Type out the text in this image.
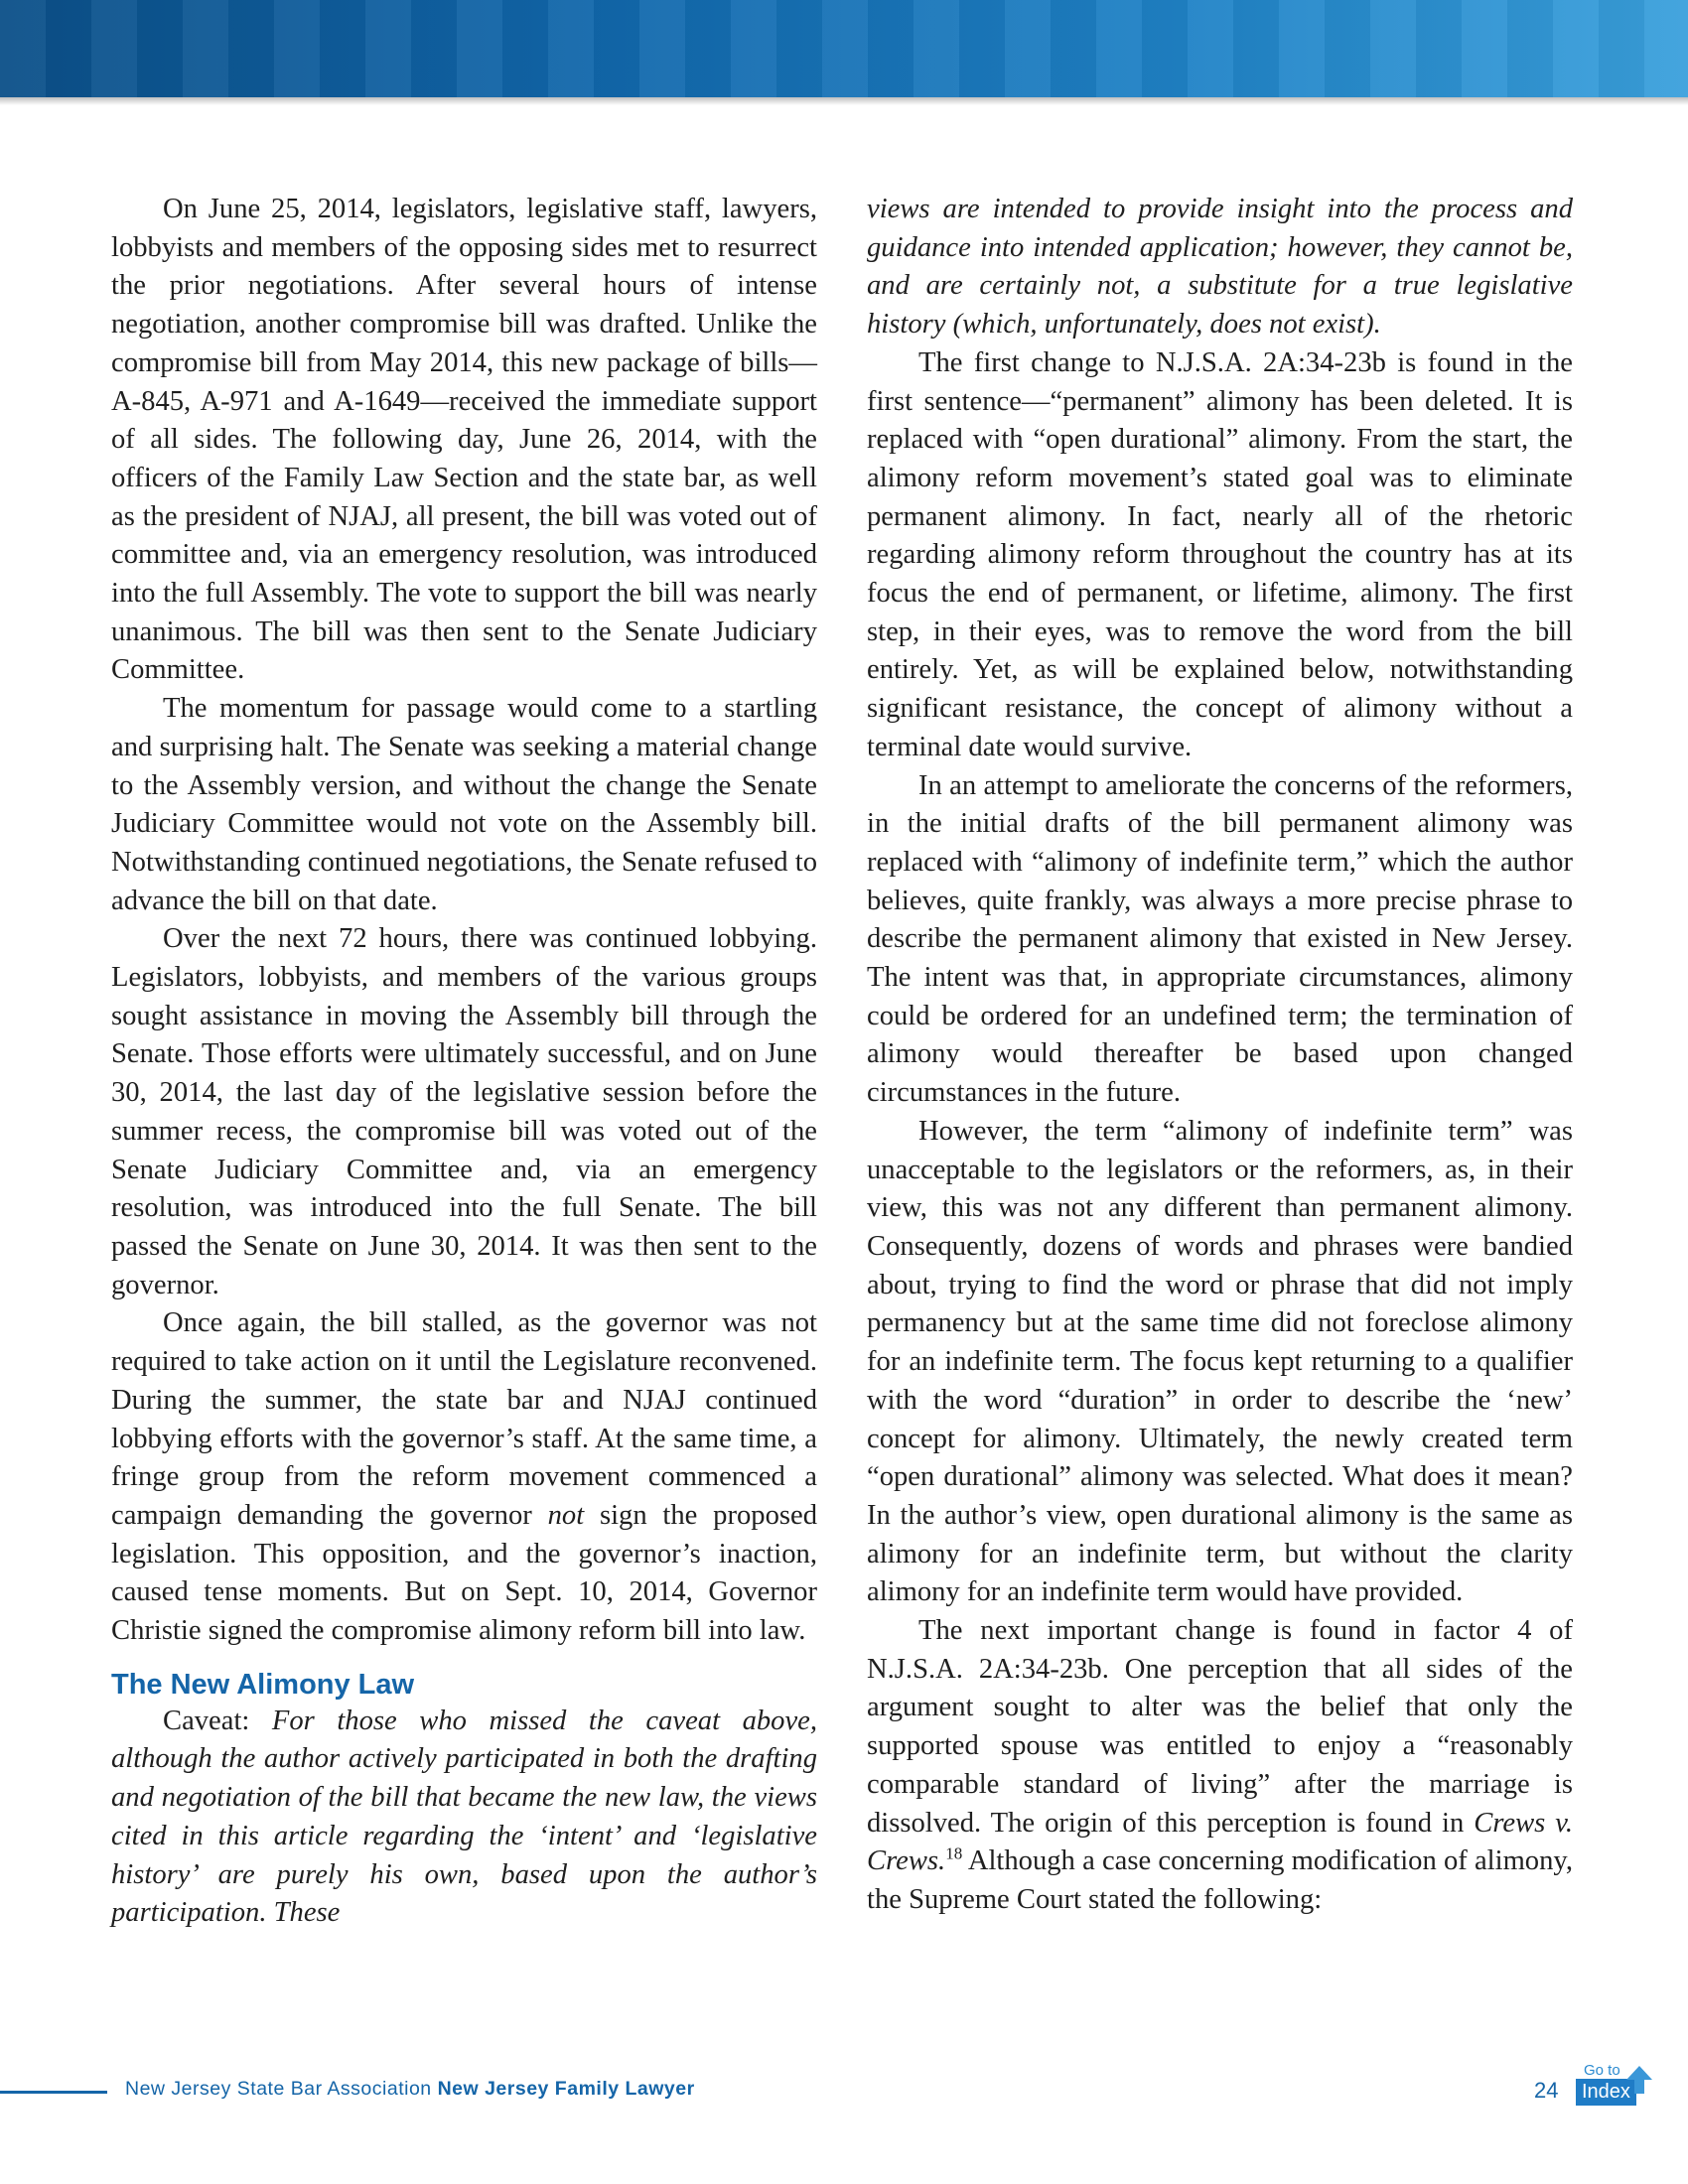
On June 25, 2014, legislators, legislative staff, lawyers, lobbyists and members of the opposing sides met to resurrect the prior negotiations. After several hours of intense negotiation, another compromise bill was drafted. Unlike the compromise bill from May 2014, this new package of bills—A-845, A-971 and A-1649—received the immediate support of all sides. The following day, June 26, 2014, with the officers of the Family Law Section and the state bar, as well as the president of NJAJ, all present, the bill was voted out of committee and, via an emergency resolution, was introduced into the full Assembly. The vote to support the bill was nearly unanimous. The bill was then sent to the Senate Judiciary Committee.

The momentum for passage would come to a startling and surprising halt. The Senate was seeking a material change to the Assembly version, and without the change the Senate Judiciary Committee would not vote on the Assembly bill. Notwithstanding continued negotiations, the Senate refused to advance the bill on that date.

Over the next 72 hours, there was continued lobbying. Legislators, lobbyists, and members of the various groups sought assistance in moving the Assembly bill through the Senate. Those efforts were ultimately successful, and on June 30, 2014, the last day of the legislative session before the summer recess, the compromise bill was voted out of the Senate Judiciary Committee and, via an emergency resolution, was introduced into the full Senate. The bill passed the Senate on June 30, 2014. It was then sent to the governor.

Once again, the bill stalled, as the governor was not required to take action on it until the Legislature reconvened. During the summer, the state bar and NJAJ continued lobbying efforts with the governor’s staff. At the same time, a fringe group from the reform movement commenced a campaign demanding the governor not sign the proposed legislation. This opposition, and the governor’s inaction, caused tense moments. But on Sept. 10, 2014, Governor Christie signed the compromise alimony reform bill into law.

The New Alimony Law

Caveat: For those who missed the caveat above, although the author actively participated in both the drafting and negotiation of the bill that became the new law, the views cited in this article regarding the ‘intent’ and ‘legislative history’ are purely his own, based upon the author’s participation. These

views are intended to provide insight into the process and guidance into intended application; however, they cannot be, and are certainly not, a substitute for a true legislative history (which, unfortunately, does not exist).

The first change to N.J.S.A. 2A:34-23b is found in the first sentence—“permanent” alimony has been deleted. It is replaced with “open durational” alimony. From the start, the alimony reform movement’s stated goal was to eliminate permanent alimony. In fact, nearly all of the rhetoric regarding alimony reform throughout the country has at its focus the end of permanent, or lifetime, alimony. The first step, in their eyes, was to remove the word from the bill entirely. Yet, as will be explained below, notwithstanding significant resistance, the concept of alimony without a terminal date would survive.

In an attempt to ameliorate the concerns of the reformers, in the initial drafts of the bill permanent alimony was replaced with “alimony of indefinite term,” which the author believes, quite frankly, was always a more precise phrase to describe the permanent alimony that existed in New Jersey. The intent was that, in appropriate circumstances, alimony could be ordered for an undefined term; the termination of alimony would thereafter be based upon changed circumstances in the future.

However, the term “alimony of indefinite term” was unacceptable to the legislators or the reformers, as, in their view, this was not any different than permanent alimony. Consequently, dozens of words and phrases were bandied about, trying to find the word or phrase that did not imply permanency but at the same time did not foreclose alimony for an indefinite term. The focus kept returning to a qualifier with the word “duration” in order to describe the ‘new’ concept for alimony. Ultimately, the newly created term “open durational” alimony was selected. What does it mean? In the author’s view, open durational alimony is the same as alimony for an indefinite term, but without the clarity alimony for an indefinite term would have provided.

The next important change is found in factor 4 of N.J.S.A. 2A:34-23b. One perception that all sides of the argument sought to alter was the belief that only the supported spouse was entitled to enjoy a “reasonably comparable standard of living” after the marriage is dissolved. The origin of this perception is found in Crews v. Crews.$^{18}$ Although a case concerning modification of alimony, the Supreme Court stated the following:

New Jersey State Bar Association New Jersey Family Lawyer	24
Go to
Index
